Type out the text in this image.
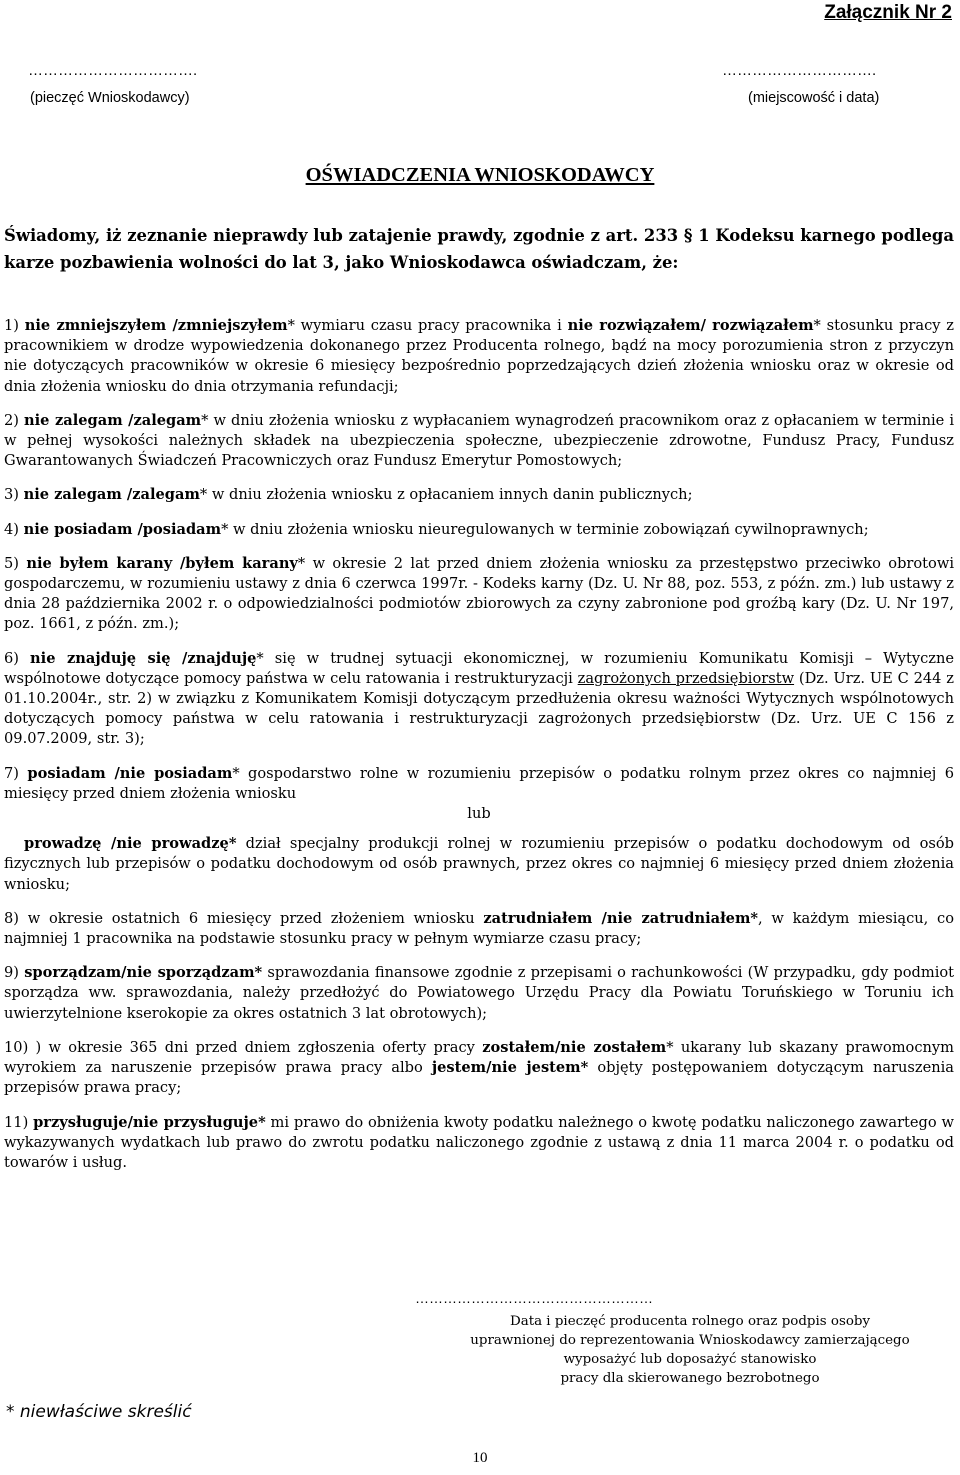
Załącznik Nr 2
…………………………….
(pieczęć Wnioskodawcy)
………………………….
(miejscowość i data)
OŚWIADCZENIA WNIOSKODAWCY
Świadomy, iż zeznanie nieprawdy lub zatajenie prawdy, zgodnie z art. 233 § 1 Kodeksu karnego podlega karze pozbawienia wolności do lat 3, jako Wnioskodawca oświadczam, że:

1) nie zmniejszyłem /zmniejszyłem* wymiaru czasu pracy pracownika i nie rozwiązałem/ rozwiązałem* stosunku pracy z pracownikiem w drodze wypowiedzenia dokonanego przez Producenta rolnego, bądź na mocy porozumienia stron z przyczyn nie dotyczących pracowników w okresie 6 miesięcy bezpośrednio poprzedzających dzień złożenia wniosku oraz w okresie od dnia złożenia wniosku do dnia otrzymania refundacji;

2) nie zalegam /zalegam* w dniu złożenia wniosku z wypłacaniem wynagrodzeń pracownikom oraz z opłacaniem w terminie i w pełnej wysokości należnych składek na ubezpieczenia społeczne, ubezpieczenie zdrowotne, Fundusz Pracy, Fundusz Gwarantowanych Świadczeń Pracowniczych oraz Fundusz Emerytur Pomostowych;

3) nie zalegam /zalegam* w dniu złożenia wniosku z opłacaniem innych danin publicznych;

4) nie posiadam /posiadam* w dniu złożenia wniosku nieuregulowanych w terminie zobowiązań cywilnoprawnych;

5) nie byłem karany /byłem karany* w okresie 2 lat przed dniem złożenia wniosku za przestępstwo przeciwko obrotowi gospodarczemu, w rozumieniu ustawy z dnia 6 czerwca 1997r. - Kodeks karny (Dz. U. Nr 88, poz. 553, z późn. zm.) lub ustawy z dnia 28 października 2002 r. o odpowiedzialności podmiotów zbiorowych za czyny zabronione pod groźbą kary (Dz. U. Nr 197, poz. 1661, z późn. zm.);

6) nie znajduję się /znajduję* się w trudnej sytuacji ekonomicznej, w rozumieniu Komunikatu Komisji – Wytyczne wspólnotowe dotyczące pomocy państwa w celu ratowania i restrukturyzacji zagrożonych przedsiębiorstw (Dz. Urz. UE C 244 z 01.10.2004r., str. 2) w związku z Komunikatem Komisji dotyczącym przedłużenia okresu ważności Wytycznych wspólnotowych dotyczących pomocy państwa w celu ratowania i restrukturyzacji zagrożonych przedsiębiorstw (Dz. Urz. UE C 156 z 09.07.2009, str. 3);

7) posiadam /nie posiadam* gospodarstwo rolne w rozumieniu przepisów o podatku rolnym przez okres co najmniej 6 miesięcy przed dniem złożenia wniosku

lub

prowadzę /nie prowadzę* dział specjalny produkcji rolnej w rozumieniu przepisów o podatku dochodowym od osób fizycznych lub przepisów o podatku dochodowym od osób prawnych, przez okres co najmniej 6 miesięcy przed dniem złożenia wniosku;

8) w okresie ostatnich 6 miesięcy przed złożeniem wniosku zatrudniałem /nie zatrudniałem*, w każdym miesiącu, co najmniej 1 pracownika na podstawie stosunku pracy w pełnym wymiarze czasu pracy;

9) sporządzam/nie sporządzam* sprawozdania finansowe zgodnie z przepisami o rachunkowości (W przypadku, gdy podmiot sporządza ww. sprawozdania, należy przedłożyć do Powiatowego Urzędu Pracy dla Powiatu Toruńskiego w Toruniu ich uwierzytelnione kserokopie za okres ostatnich 3 lat obrotowych);

10) ) w okresie 365 dni przed dniem zgłoszenia oferty pracy zostałem/nie zostałem* ukarany lub skazany prawomocnym wyrokiem za naruszenie przepisów prawa pracy albo jestem/nie jestem* objęty postępowaniem dotyczącym naruszenia przepisów prawa pracy;

11) przysługuje/nie przysługuje* mi prawo do obniżenia kwoty podatku należnego o kwotę podatku naliczonego zawartego w wykazywanych wydatkach lub prawo do zwrotu podatku naliczonego zgodnie z ustawą z dnia 11 marca 2004 r. o podatku od towarów i usług.

……………………………………………
Data i pieczęć producenta rolnego oraz podpis osoby
uprawnionej do reprezentowania Wnioskodawcy zamierzającego
wyposażyć lub doposażyć stanowisko
pracy dla skierowanego bezrobotnego
* niewłaściwe skreślić
10
